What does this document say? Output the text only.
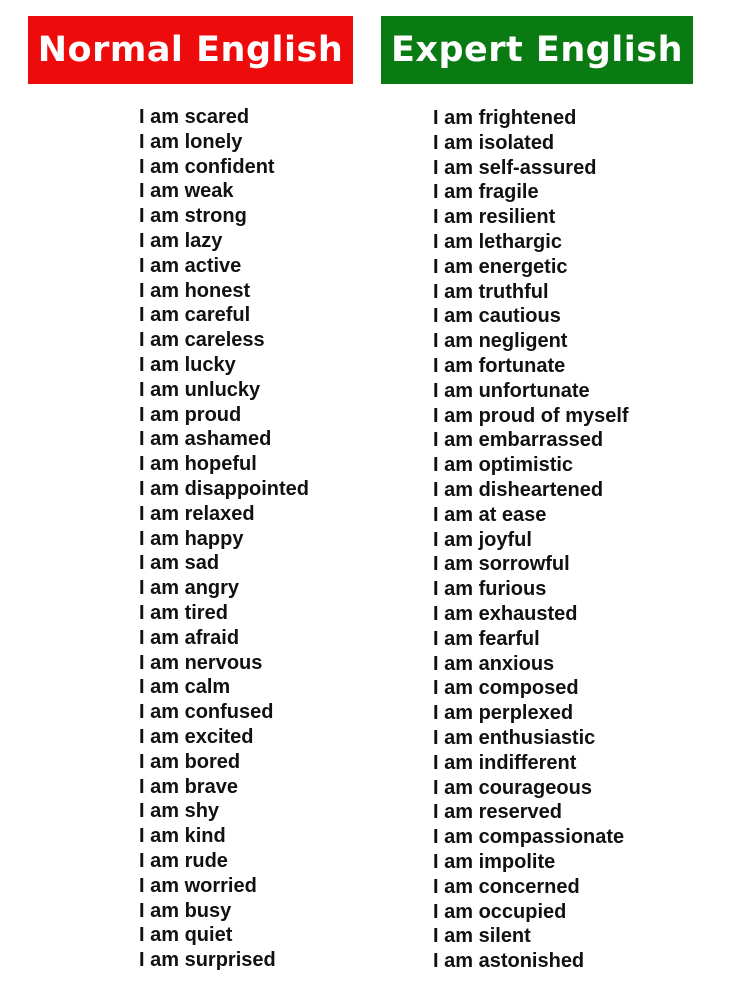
Normal English Expert English
I am scared
I am lonely
I am confident
I am weak
I am strong
I am lazy
I am active
I am honest
I am careful
I am careless
I am lucky
I am unlucky
I am proud
I am ashamed
I am hopeful
I am disappointed
I am relaxed
I am happy
I am sad
I am angry
I am tired
I am afraid
I am nervous
I am calm
I am confused
I am excited
I am bored
I am brave
I am shy
I am kind
I am rude
I am worried
I am busy
I am quiet
I am surprised
I am frightened
I am isolated
I am self-assured
I am fragile
I am resilient
I am lethargic
I am energetic
I am truthful
I am cautious
I am negligent
I am fortunate
I am unfortunate
I am proud of myself
I am embarrassed
I am optimistic
I am disheartened
I am at ease
I am joyful
I am sorrowful
I am furious
I am exhausted
I am fearful
I am anxious
I am composed
I am perplexed
I am enthusiastic
I am indifferent
I am courageous
I am reserved
I am compassionate
I am impolite
I am concerned
I am occupied
I am silent
I am astonished
